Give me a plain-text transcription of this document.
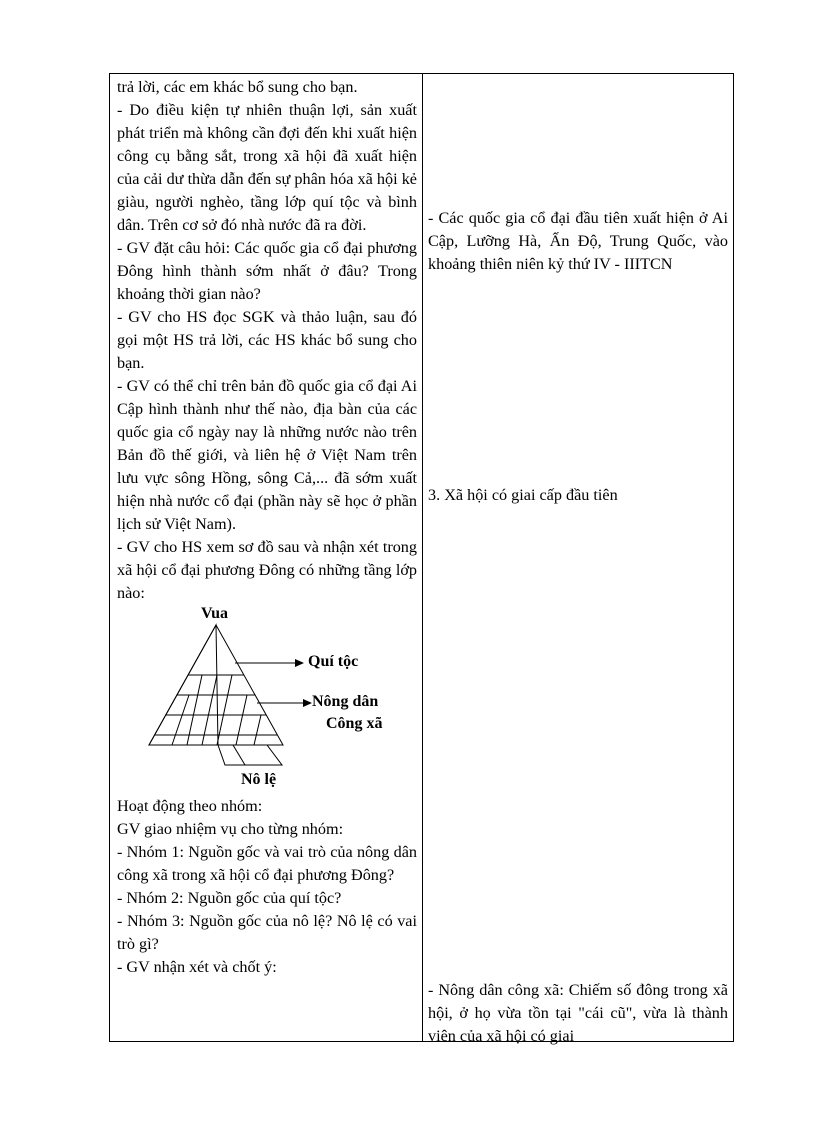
trả lời, các em khác bổ sung cho bạn.

- Do điều kiện tự nhiên thuận lợi, sản xuất phát triển mà không cần đợi đến khi xuất hiện công cụ bằng sắt, trong xã hội đã xuất hiện của cải dư thừa dẫn đến sự phân hóa xã hội kẻ giàu, người nghèo, tầng lớp quí tộc và bình dân. Trên cơ sở đó nhà nước đã ra đời.

- GV đặt câu hỏi: Các quốc gia cổ đại phương Đông hình thành sớm nhất ở đâu? Trong khoảng thời gian nào?

- GV cho HS đọc SGK và thảo luận, sau đó gọi một HS trả lời, các HS khác bổ sung cho bạn.

- GV có thể chỉ trên bản đồ quốc gia cổ đại Ai Cập hình thành như thế nào, địa bàn của các quốc gia cổ ngày nay là những nước nào trên Bản đồ thế giới, và liên hệ ở Việt Nam trên lưu vực sông Hồng, sông Cả,... đã sớm xuất hiện nhà nước cổ đại (phần này sẽ học ở phần lịch sử Việt Nam).

- GV cho HS xem sơ đồ sau và nhận xét trong xã hội cổ đại phương Đông có những tầng lớp nào:

Vua
Quí tộc
Nông dân
Công xã
Nô lệ

Hoạt động theo nhóm:

GV giao nhiệm vụ cho từng nhóm:

- Nhóm 1: Nguồn gốc và vai trò của nông dân công xã trong xã hội cổ đại phương Đông?

- Nhóm 2: Nguồn gốc của quí tộc?

- Nhóm 3: Nguồn gốc của nô lệ? Nô lệ có vai trò gì?

- GV nhận xét và chốt ý:

- Các quốc gia cổ đại đầu tiên xuất hiện ở Ai Cập, Lưỡng Hà, Ấn Độ, Trung Quốc, vào khoảng thiên niên kỷ thứ IV - IIITCN

3. Xã hội có giai cấp đầu tiên

- Nông dân công xã: Chiếm số đông trong xã hội, ở họ vừa tồn tại "cái cũ", vừa là thành viên của xã hội có giai
